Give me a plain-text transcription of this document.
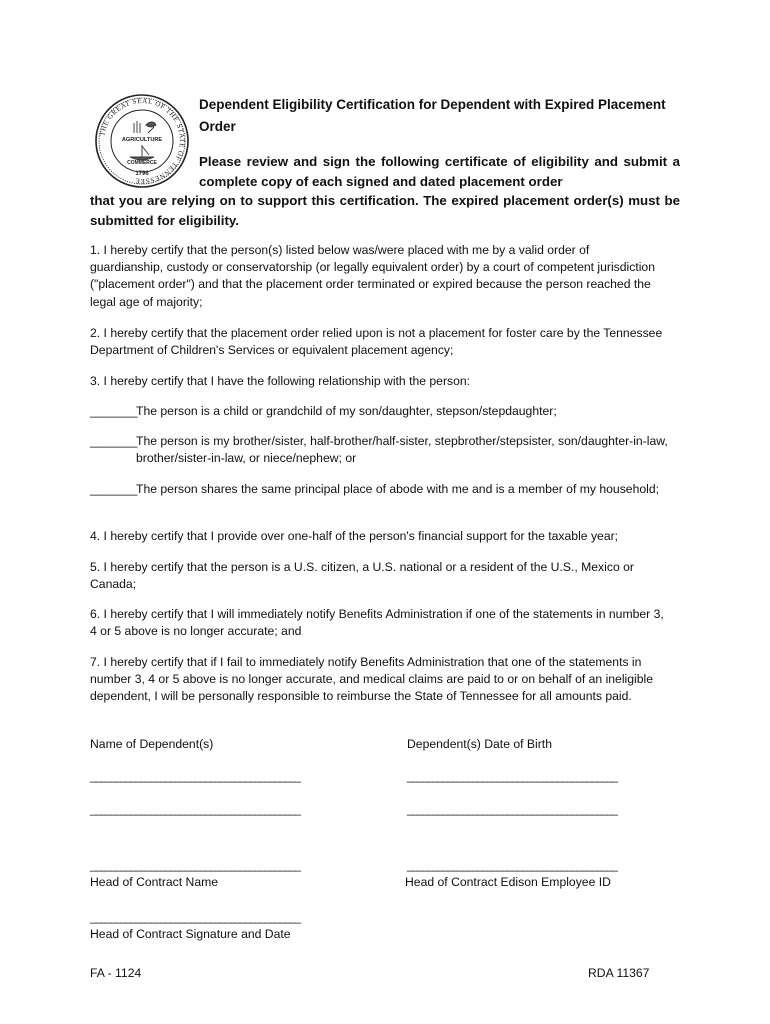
THE GREAT SEAL OF THE STATE OF TENNESSEE
AGRICULTURE
COMMERCE
1796
Dependent Eligibility Certification for Dependent with Expired Placement Order
Please review and sign the following certificate of eligibility and submit a complete copy of each signed and dated placement order
that you are relying on to support this certification. The expired placement order(s) must be submitted for eligibility.
1. I hereby certify that the person(s) listed below was/were placed with me by a valid order of guardianship, custody or conservatorship (or legally equivalent order) by a court of competent jurisdiction ("placement order") and that the placement order terminated or expired because the person reached the legal age of majority;
2. I hereby certify that the placement order relied upon is not a placement for foster care by the Tennessee Department of Children's Services or equivalent placement agency;
3. I hereby certify that I have the following relationship with the person:
_______The person is a child or grandchild of my son/daughter, stepson/stepdaughter;
_______The person is my brother/sister, half-brother/half-sister, stepbrother/stepsister, son/daughter-in-law, brother/sister-in-law, or niece/nephew; or
_______The person shares the same principal place of abode with me and is a member of my household;
4. I hereby certify that I provide over one-half of the person's financial support for the taxable year;
5. I hereby certify that the person is a U.S. citizen, a U.S. national or a resident of the U.S., Mexico or Canada;
6. I hereby certify that I will immediately notify Benefits Administration if one of the statements in number 3, 4 or 5 above is no longer accurate; and
7. I hereby certify that if I fail to immediately notify Benefits Administration that one of the statements in number 3, 4 or 5 above is no longer accurate, and medical claims are paid to or on behalf of an ineligible dependent, I will be personally responsible to reimburse the State of Tennessee for all amounts paid.
Name of Dependent(s)	Dependent(s) Date of Birth
__________________________________________	__________________________________________
__________________________________________	__________________________________________
__________________________________________	__________________________________________
Head of Contract Name	Head of Contract Edison Employee ID
__________________________________________
Head of Contract Signature and Date
FA - 1124	RDA 11367
